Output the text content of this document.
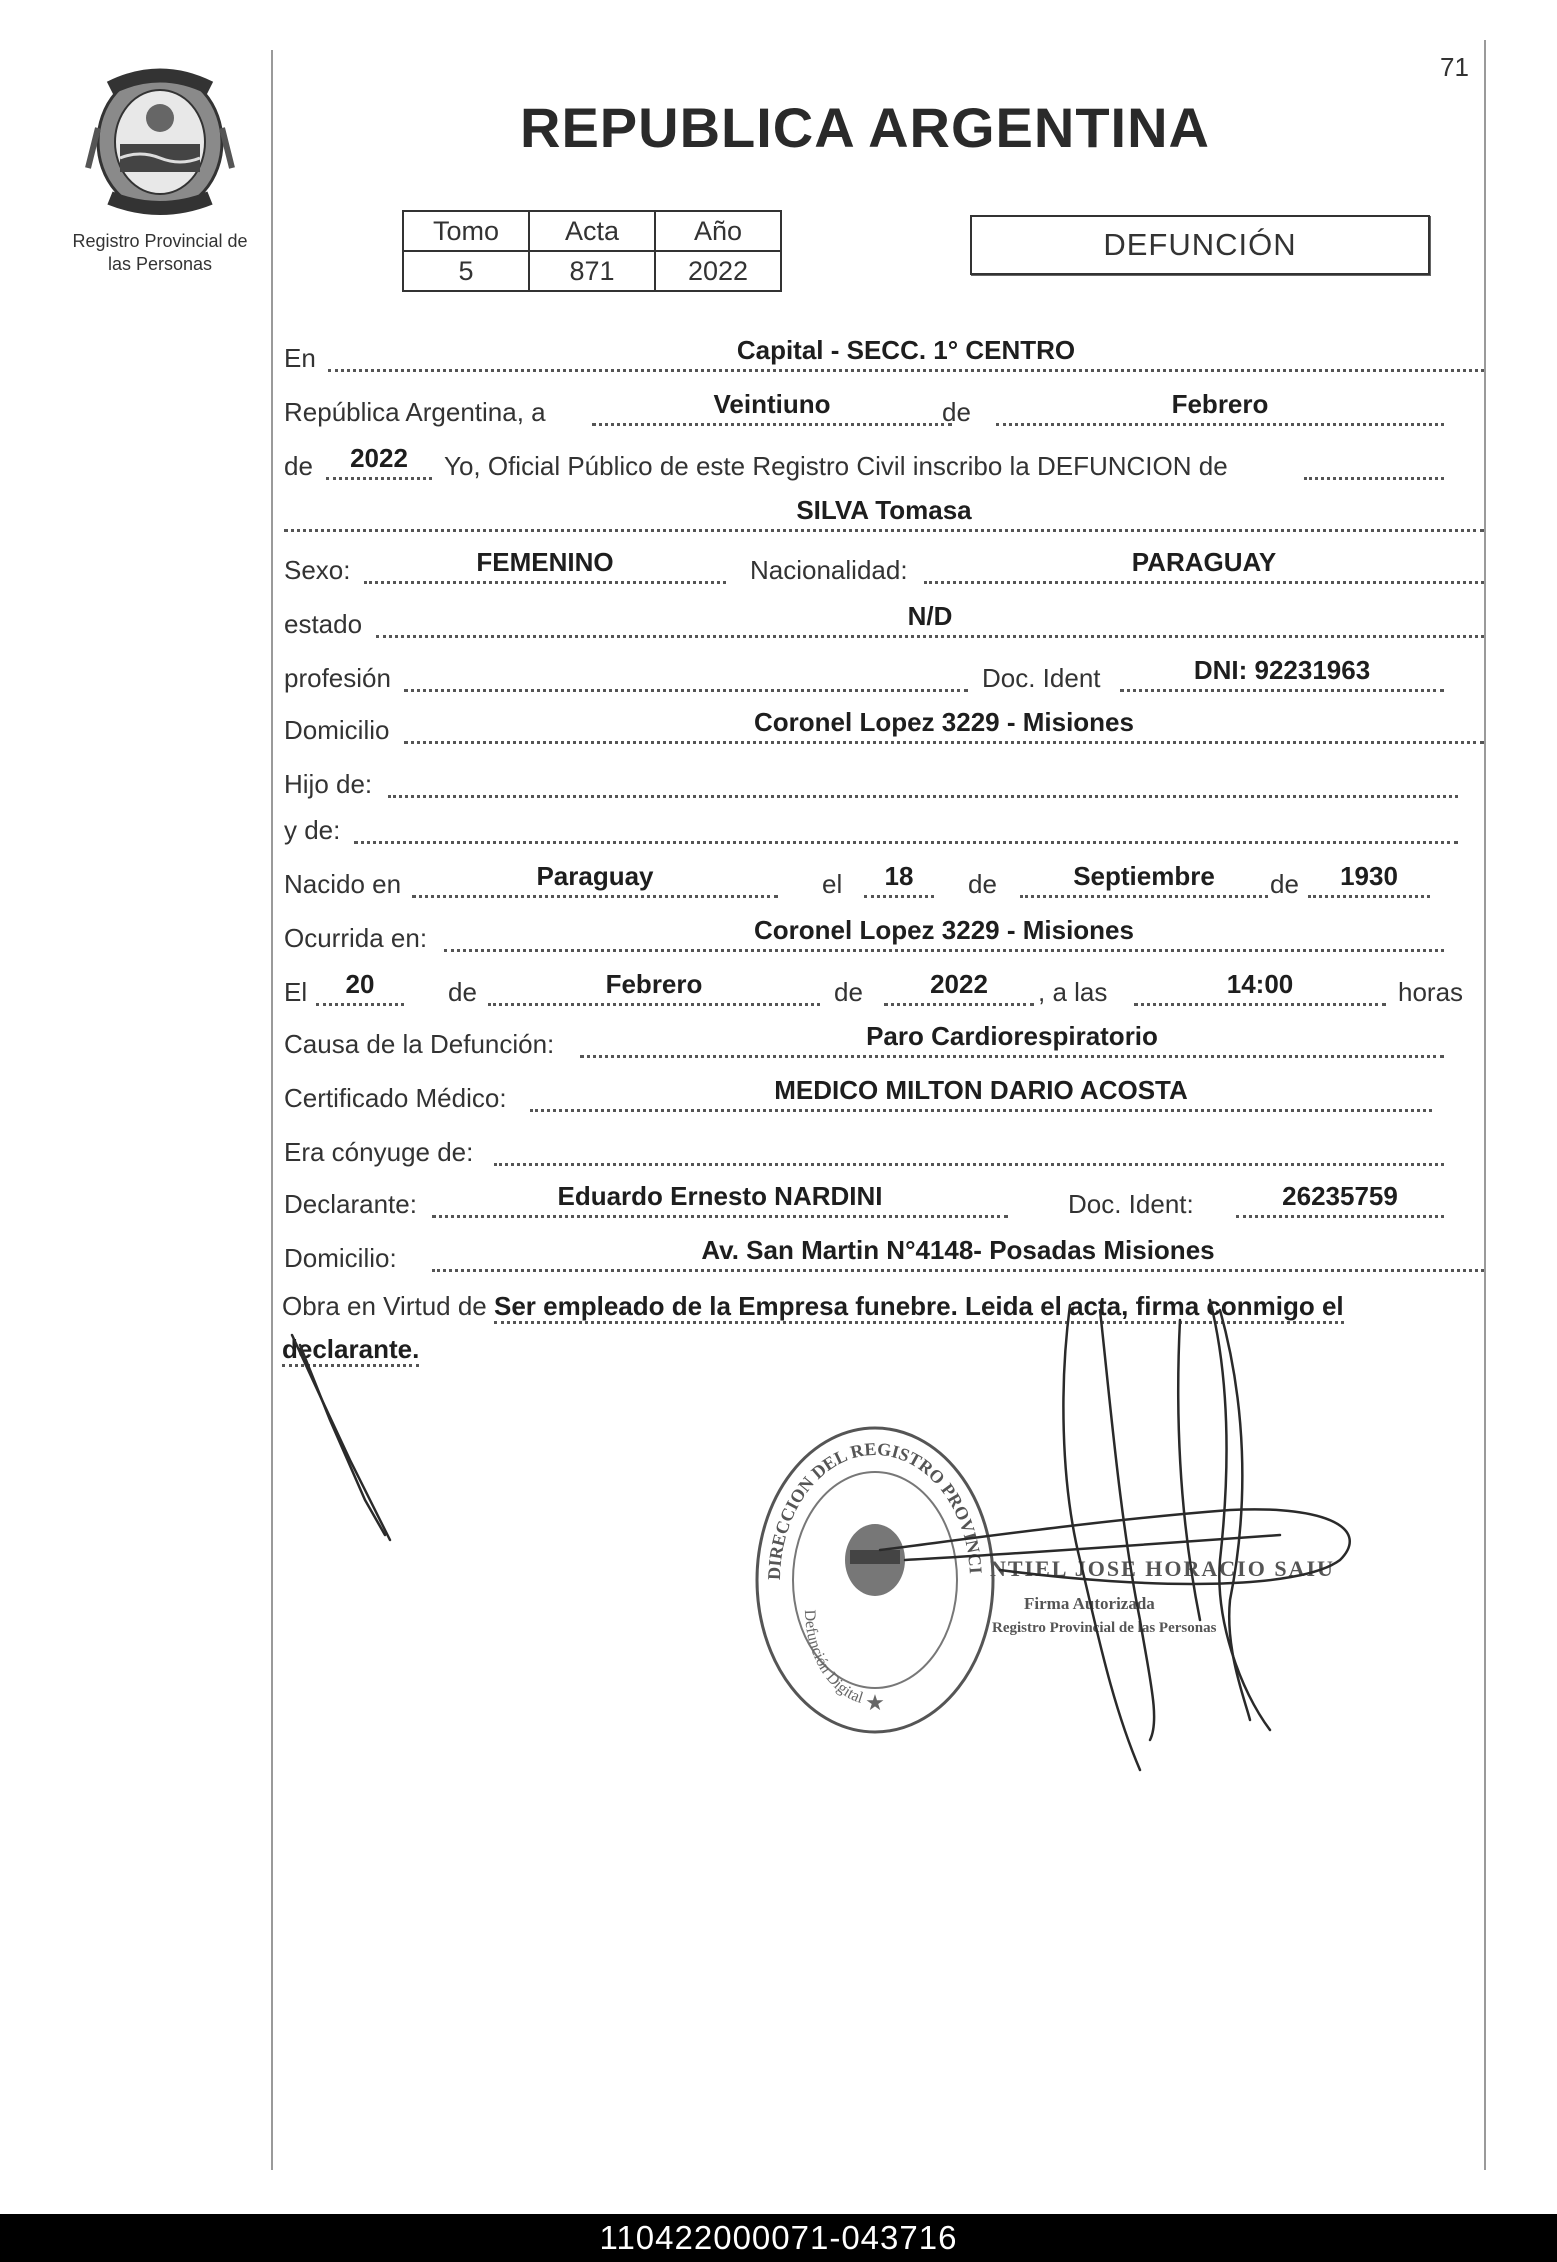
71
Registro Provincial de
las Personas
REPUBLICA ARGENTINA
Tomo	Acta	Año
5	871	2022
DEFUNCIÓN
En	Capital - SECC. 1° CENTRO
República Argentina, a	Veintiuno	de	Febrero
de	2022	Yo, Oficial Público de este Registro Civil inscribo la DEFUNCION de
SILVA Tomasa
Sexo:	FEMENINO	Nacionalidad:	PARAGUAY
estado	N/D
profesión	Doc. Ident	DNI: 92231963
Domicilio	Coronel Lopez 3229 - Misiones
Hijo de:
y de:
Nacido en	Paraguay	el	18	de	Septiembre	de	1930
Ocurrida en:	Coronel Lopez 3229 - Misiones
El	20	de	Febrero	de	2022	, a las	14:00	horas
Causa de la Defunción:	Paro Cardiorespiratorio
Certificado Médico:	MEDICO MILTON DARIO ACOSTA
Era cónyuge de:
Declarante:	Eduardo Ernesto NARDINI	Doc. Ident:	26235759
Domicilio:	Av. San Martin N°4148- Posadas Misiones
Obra en Virtud de Ser empleado de la Empresa funebre. Leida el acta, firma conmigo el declarante.
DIRECCION DEL REGISTRO PROVINCI
Defunción Digital ★
NTIEL JOSE HORACIO SAIU
Firma Autorizada
Registro Provincial de las Personas
110422000071-043716
